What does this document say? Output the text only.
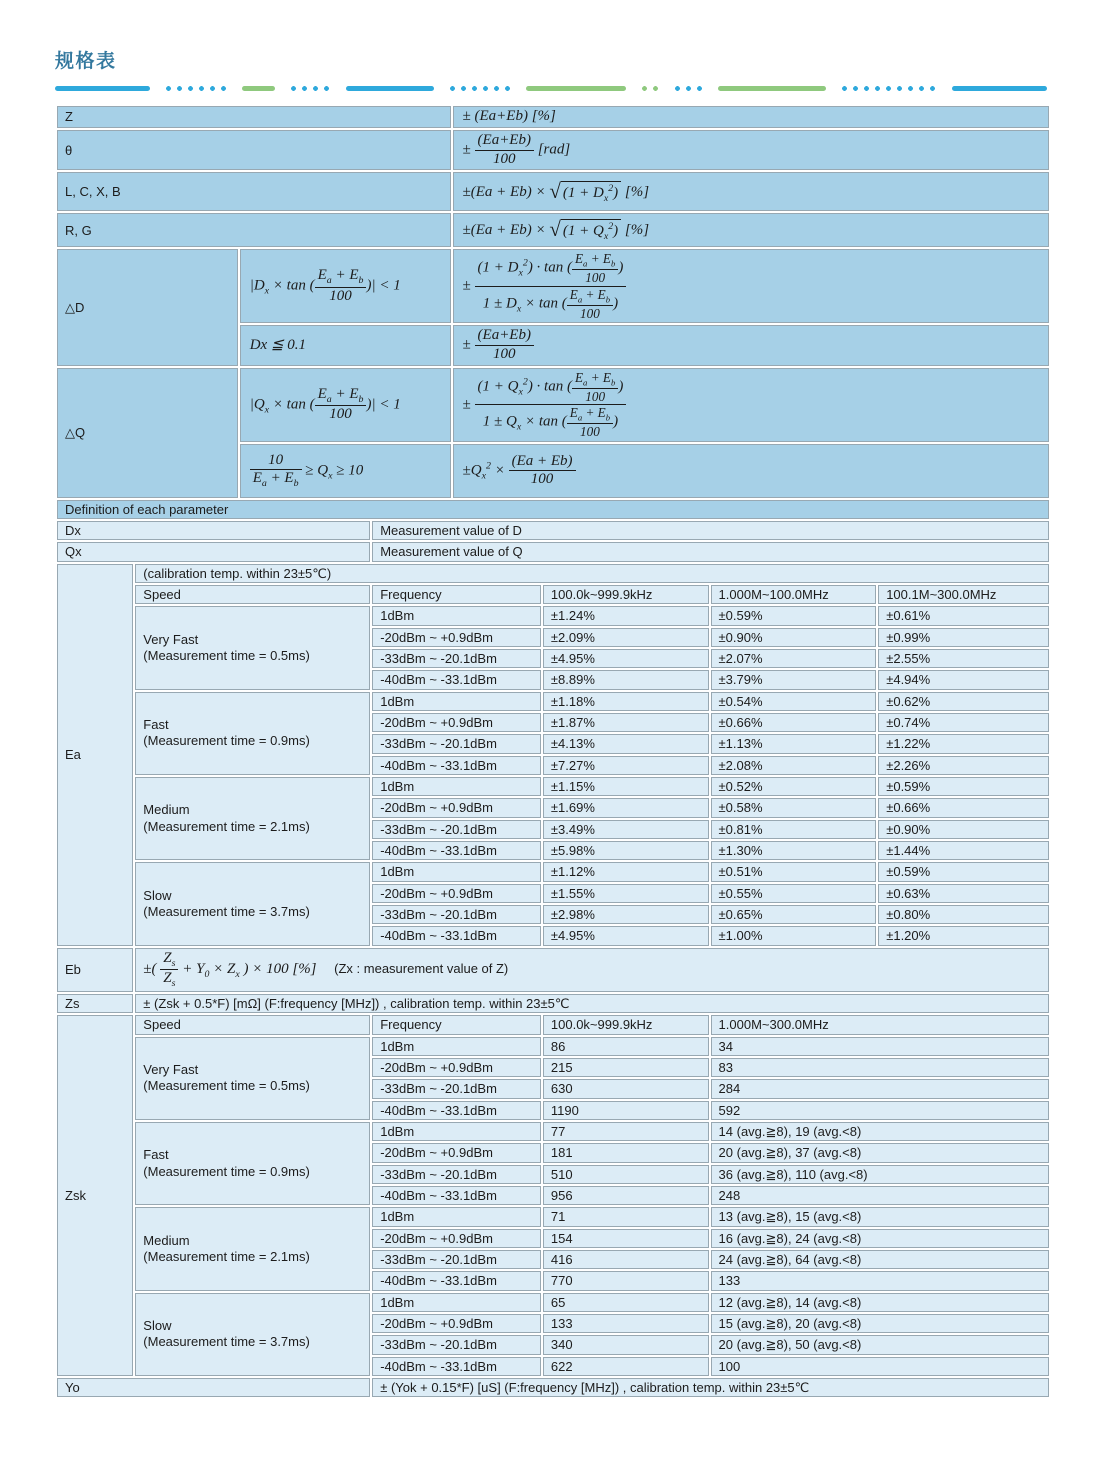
规格表
Z				± (Ea+Eb) [%]			
θ				± $\frac{(Ea+Eb)}{100} [rad]$			
L, C, X, B				±(Ea + Eb) × √ $(1 + D_x^2)$ [%]			
R, G				±(Ea + Eb) × √ $(1 + Q_x^2)$ [%]			
△D	$|D_x \times \tan$ ( $\frac{E_a + E_b}{100}$ )| < 1	± $\frac{(1 + D_x^2) \cdot \tan ( \frac{E_a + E_b}{100} )}{1 \pm D_x \times \tan ( \frac{E_a + E_b}{100} )}$

		Dx ≦ 0.1		± $\frac{(Ea+Eb)}{100}$

△Q	$|Q_x \times \tan$ ( $\frac{E_a + E_b}{100}$ )| < 1	± $\frac{(1 + Q_x^2) \cdot \tan ( \frac{E_a + E_b}{100} )}{1 \pm Q_x \times \tan ( \frac{E_a + E_b}{100} )}$

		$\frac{10}{E_a + E_b} \ge Q_x \ge 10$		$\pm Q_x^2 \times \frac{(Ea + Eb)}{100}$

Definition of each parameter							
Dx			Measurement value of D				
Qx			Measurement value of Q				
Ea	(calibration temp. within 23±5℃)						
	Speed		Frequency		100.0k~999.9kHz	1.000M~100.0MHz	100.1M~300.0MHz

	Very Fast
(Measurement time = 0.5ms)		1dBm		±1.24%	±0.59%	±0.61%
			-20dBm ~ +0.9dBm		±2.09%	±0.90%	±0.99%
			-33dBm ~ -20.1dBm		±4.95%	±2.07%	±2.55%
			-40dBm ~ -33.1dBm		±8.89%	±3.79%	±4.94%

	Fast
(Measurement time = 0.9ms)		1dBm		±1.18%	±0.54%	±0.62%
			-20dBm ~ +0.9dBm		±1.87%	±0.66%	±0.74%
			-33dBm ~ -20.1dBm		±4.13%	±1.13%	±1.22%
			-40dBm ~ -33.1dBm		±7.27%	±2.08%	±2.26%

	Medium
(Measurement time = 2.1ms)		1dBm		±1.15%	±0.52%	±0.59%
			-20dBm ~ +0.9dBm		±1.69%	±0.58%	±0.66%
			-33dBm ~ -20.1dBm		±3.49%	±0.81%	±0.90%
			-40dBm ~ -33.1dBm		±5.98%	±1.30%	±1.44%

	Slow
(Measurement time = 3.7ms)		1dBm		±1.12%	±0.51%	±0.59%
			-20dBm ~ +0.9dBm		±1.55%	±0.55%	±0.63%
			-33dBm ~ -20.1dBm		±2.98%	±0.65%	±0.80%
			-40dBm ~ -33.1dBm		±4.95%	±1.00%	±1.20%
Eb	±( $\frac{Z_s}{Z_s} + Y_0 \times Z_x$ ) × 100 [%] (Zx : measurement value of Z)						
Zs	± (Zsk + 0.5*F) [mΩ] (F:frequency [MHz]) , calibration temp. within 23±5℃						
Zsk	Speed		Frequency		100.0k~999.9kHz	1.000M~300.0MHz	

	Very Fast
(Measurement time = 0.5ms)		1dBm		86	34	
			-20dBm ~ +0.9dBm		215	83	
			-33dBm ~ -20.1dBm		630	284	
			-40dBm ~ -33.1dBm		1190	592	

	Fast
(Measurement time = 0.9ms)		1dBm		77	14 (avg.≧8), 19 (avg.<8)	
			-20dBm ~ +0.9dBm		181	20 (avg.≧8), 37 (avg.<8)	
			-33dBm ~ -20.1dBm		510	36 (avg.≧8), 110 (avg.<8)	
			-40dBm ~ -33.1dBm		956	248	

	Medium
(Measurement time = 2.1ms)		1dBm		71	13 (avg.≧8), 15 (avg.<8)	
			-20dBm ~ +0.9dBm		154	16 (avg.≧8), 24 (avg.<8)	
			-33dBm ~ -20.1dBm		416	24 (avg.≧8), 64 (avg.<8)	
			-40dBm ~ -33.1dBm		770	133	

	Slow
(Measurement time = 3.7ms)		1dBm		65	12 (avg.≧8), 14 (avg.<8)	
			-20dBm ~ +0.9dBm		133	15 (avg.≧8), 20 (avg.<8)	
			-33dBm ~ -20.1dBm		340	20 (avg.≧8), 50 (avg.<8)	
			-40dBm ~ -33.1dBm		622	100	
Yo			± (Yok + 0.15*F) [uS] (F:frequency [MHz]) , calibration temp. within 23±5℃				
